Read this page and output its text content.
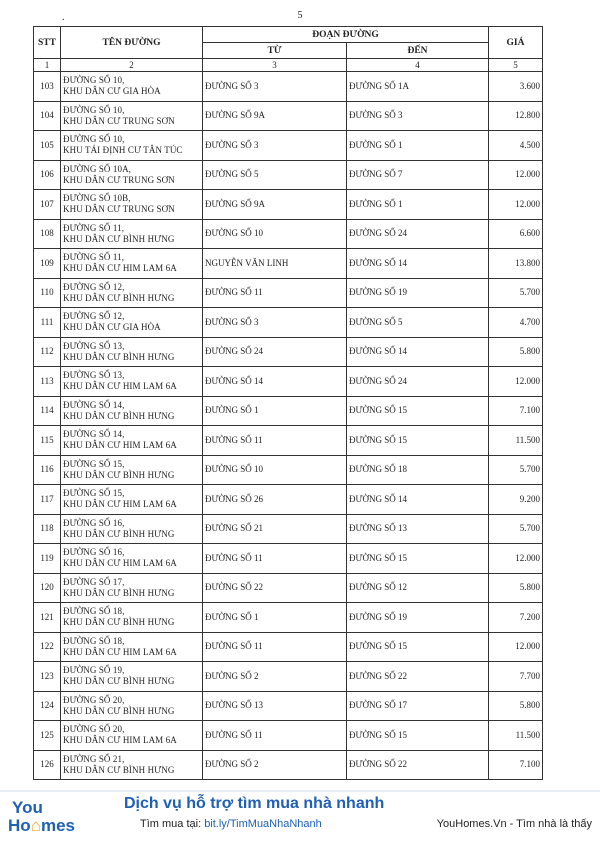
5
.
STT	TÊN ĐƯỜNG	ĐOẠN ĐƯỜNG		GIÁ
		TỪ	ĐẾN	
1	2	3	4	5
103	ĐƯỜNG SỐ 10,
KHU DÂN CƯ GIA HÒA	ĐƯỜNG SỐ 3	ĐƯỜNG SỐ 1A	3.600
104	ĐƯỜNG SỐ 10,
KHU DÂN CƯ TRUNG SƠN	ĐƯỜNG SỐ 9A	ĐƯỜNG SỐ 3	12.800
105	ĐƯỜNG SỐ 10,
KHU TÁI ĐỊNH CƯ TÂN TÚC	ĐƯỜNG SỐ 3	ĐƯỜNG SỐ 1	4.500
106	ĐƯỜNG SỐ 10A,
KHU DÂN CƯ TRUNG SƠN	ĐƯỜNG SỐ 5	ĐƯỜNG SỐ 7	12.000
107	ĐƯỜNG SỐ 10B,
KHU DÂN CƯ TRUNG SƠN	ĐƯỜNG SỐ 9A	ĐƯỜNG SỐ 1	12.000
108	ĐƯỜNG SỐ 11,
KHU DÂN CƯ BÌNH HƯNG	ĐƯỜNG SỐ 10	ĐƯỜNG SỐ 24	6.600
109	ĐƯỜNG SỐ 11,
KHU DÂN CƯ HIM LAM 6A	NGUYỄN VĂN LINH	ĐƯỜNG SỐ 14	13.800
110	ĐƯỜNG SỐ 12,
KHU DÂN CƯ BÌNH HƯNG	ĐƯỜNG SỐ 11	ĐƯỜNG SỐ 19	5.700
111	ĐƯỜNG SỐ 12,
KHU DÂN CƯ GIA HÒA	ĐƯỜNG SỐ 3	ĐƯỜNG SỐ 5	4.700
112	ĐƯỜNG SỐ 13,
KHU DÂN CƯ BÌNH HƯNG	ĐƯỜNG SỐ 24	ĐƯỜNG SỐ 14	5.800
113	ĐƯỜNG SỐ 13,
KHU DÂN CƯ HIM LAM 6A	ĐƯỜNG SỐ 14	ĐƯỜNG SỐ 24	12.000
114	ĐƯỜNG SỐ 14,
KHU DÂN CƯ BÌNH HƯNG	ĐƯỜNG SỐ 1	ĐƯỜNG SỐ 15	7.100
115	ĐƯỜNG SỐ 14,
KHU DÂN CƯ HIM LAM 6A	ĐƯỜNG SỐ 11	ĐƯỜNG SỐ 15	11.500
116	ĐƯỜNG SỐ 15,
KHU DÂN CƯ BÌNH HƯNG	ĐƯỜNG SỐ 10	ĐƯỜNG SỐ 18	5.700
117	ĐƯỜNG SỐ 15,
KHU DÂN CƯ HIM LAM 6A	ĐƯỜNG SỐ 26	ĐƯỜNG SỐ 14	9.200
118	ĐƯỜNG SỐ 16,
KHU DÂN CƯ BÌNH HƯNG	ĐƯỜNG SỐ 21	ĐƯỜNG SỐ 13	5.700
119	ĐƯỜNG SỐ 16,
KHU DÂN CƯ HIM LAM 6A	ĐƯỜNG SỐ 11	ĐƯỜNG SỐ 15	12.000
120	ĐƯỜNG SỐ 17,
KHU DÂN CƯ BÌNH HƯNG	ĐƯỜNG SỐ 22	ĐƯỜNG SỐ 12	5.800
121	ĐƯỜNG SỐ 18,
KHU DÂN CƯ BÌNH HƯNG	ĐƯỜNG SỐ 1	ĐƯỜNG SỐ 19	7.200
122	ĐƯỜNG SỐ 18,
KHU DÂN CƯ HIM LAM 6A	ĐƯỜNG SỐ 11	ĐƯỜNG SỐ 15	12.000
123	ĐƯỜNG SỐ 19,
KHU DÂN CƯ BÌNH HƯNG	ĐƯỜNG SỐ 2	ĐƯỜNG SỐ 22	7.700
124	ĐƯỜNG SỐ 20,
KHU DÂN CƯ BÌNH HƯNG	ĐƯỜNG SỐ 13	ĐƯỜNG SỐ 17	5.800
125	ĐƯỜNG SỐ 20,
KHU DÂN CƯ HIM LAM 6A	ĐƯỜNG SỐ 11	ĐƯỜNG SỐ 15	11.500
126	ĐƯỜNG SỐ 21,
KHU DÂN CƯ BÌNH HƯNG	ĐƯỜNG SỐ 2	ĐƯỜNG SỐ 22	7.100
You
Ho⌂mes
Dịch vụ hỗ trợ tìm mua nhà nhanh
Tìm mua tại: bit.ly/TimMuaNhaNhanh	YouHomes.Vn - Tìm nhà là thấy
